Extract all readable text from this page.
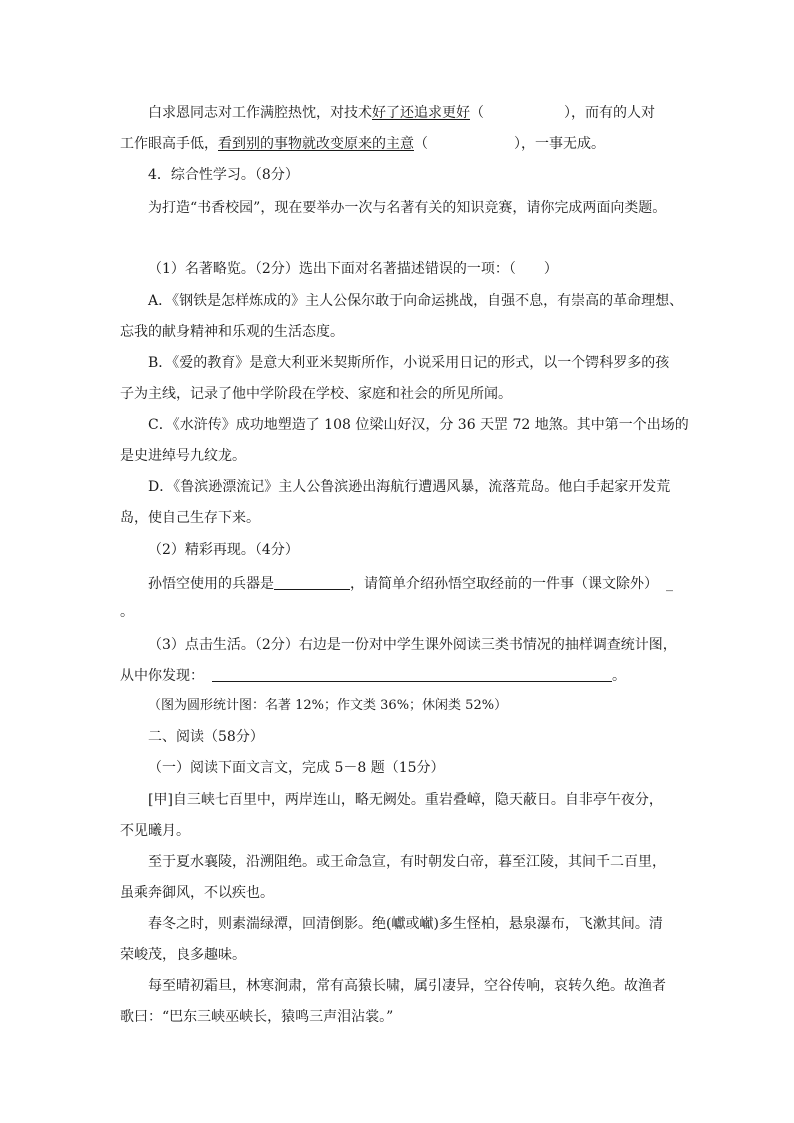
白求恩同志对工作满腔热忱，对技术好了还追求更好（	），而有的人对
工作眼高手低，看到别的事物就改变原来的主意（	），一事无成。
4．综合性学习。（8分）
为打造“书香校园”，现在要举办一次与名著有关的知识竞赛，请你完成两面向类题。
（1）名著略览。（2分）选出下面对名著描述错误的一项：（　　）
A．《钢铁是怎样炼成的》主人公保尔敢于向命运挑战，自强不息，有崇高的革命理想、
忘我的献身精神和乐观的生活态度。
B．《爱的教育》是意大利亚米契斯所作，小说采用日记的形式，以一个锷科罗多的孩
子为主线，记录了他中学阶段在学校、家庭和社会的所见所闻。
C．《水浒传》成功地塑造了 108 位梁山好汉，分 36 天罡 72 地煞。其中第一个出场的
是史进绰号九纹龙。
D．《鲁滨逊漂流记》主人公鲁滨逊出海航行遭遇风暴，流落荒岛。他白手起家开发荒
岛，使自己生存下来。
（2）精彩再现。（4分）
孙悟空使用的兵器是	，请简单介绍孙悟空取经前的一件事（课文除外） _
。
（3）点击生活。（2分）右边是一份对中学生课外阅读三类书情况的抽样调查统计图，
从中你发现：	。
（图为圆形统计图：名著 12%；作文类 36%；休闲类 52%）
二、阅读（58分）
（一）阅读下面文言文，完成 5－8 题（15分）
[甲]自三峡七百里中，两岸连山，略无阙处。重岩叠嶂，隐天蔽日。自非亭午夜分，
不见曦月。
至于夏水襄陵，沿溯阻绝。或王命急宣，有时朝发白帝，暮至江陵，其间千二百里，
虽乘奔御风，不以疾也。
春冬之时，则素湍绿潭，回清倒影。绝(巘或𪩘)多生怪柏，悬泉瀑布，飞漱其间。清
荣峻茂，良多趣味。
每至晴初霜旦，林寒涧肃，常有高猿长啸，属引凄异，空谷传响，哀转久绝。故渔者
歌曰：“巴东三峡巫峡长，猿鸣三声泪沾裳。”
